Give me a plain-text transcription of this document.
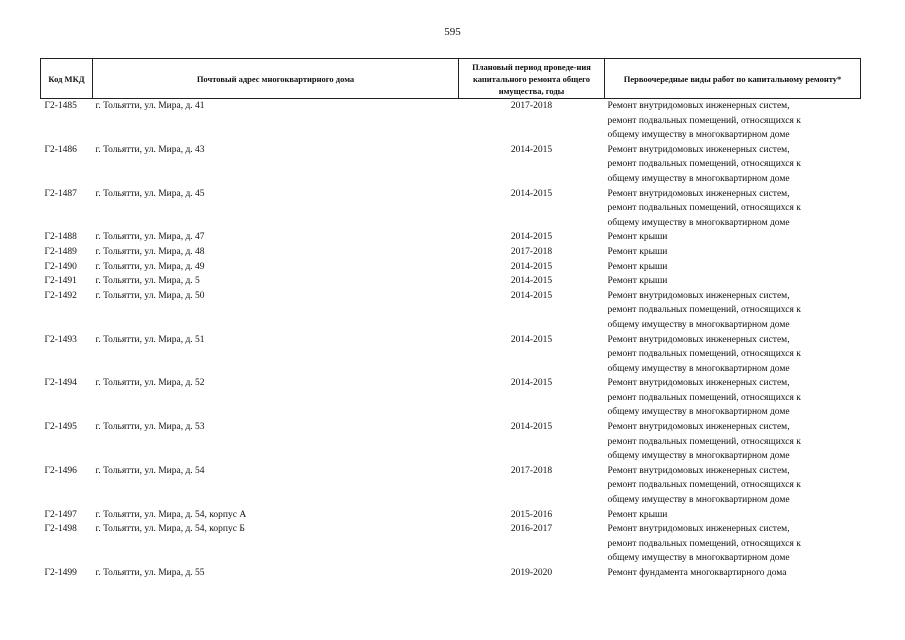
595
Код МКД	Почтовый адрес многоквартирного дома	Плановый период проведе-ния капитального ремонта общего имущества, годы	Первоочередные виды работ по капитальному ремонту*
Г2-1485	г. Тольятти, ул. Мира, д. 41	2017-2018	Ремонт внутридомовых инженерных систем,
ремонт подвальных помещений, относящихся к
общему имуществу в многоквартирном доме

Г2-1486	г. Тольятти, ул. Мира, д. 43	2014-2015	Ремонт внутридомовых инженерных систем,
ремонт подвальных помещений, относящихся к
общему имуществу в многоквартирном доме

Г2-1487	г. Тольятти, ул. Мира, д. 45	2014-2015	Ремонт внутридомовых инженерных систем,
ремонт подвальных помещений, относящихся к
общему имуществу в многоквартирном доме

Г2-1488	г. Тольятти, ул. Мира, д. 47	2014-2015	Ремонт крыши

Г2-1489	г. Тольятти, ул. Мира, д. 48	2017-2018	Ремонт крыши

Г2-1490	г. Тольятти, ул. Мира, д. 49	2014-2015	Ремонт крыши

Г2-1491	г. Тольятти, ул. Мира, д. 5	2014-2015	Ремонт крыши

Г2-1492	г. Тольятти, ул. Мира, д. 50	2014-2015	Ремонт внутридомовых инженерных систем,
ремонт подвальных помещений, относящихся к
общему имуществу в многоквартирном доме

Г2-1493	г. Тольятти, ул. Мира, д. 51	2014-2015	Ремонт внутридомовых инженерных систем,
ремонт подвальных помещений, относящихся к
общему имуществу в многоквартирном доме

Г2-1494	г. Тольятти, ул. Мира, д. 52	2014-2015	Ремонт внутридомовых инженерных систем,
ремонт подвальных помещений, относящихся к
общему имуществу в многоквартирном доме

Г2-1495	г. Тольятти, ул. Мира, д. 53	2014-2015	Ремонт внутридомовых инженерных систем,
ремонт подвальных помещений, относящихся к
общему имуществу в многоквартирном доме

Г2-1496	г. Тольятти, ул. Мира, д. 54	2017-2018	Ремонт внутридомовых инженерных систем,
ремонт подвальных помещений, относящихся к
общему имуществу в многоквартирном доме

Г2-1497	г. Тольятти, ул. Мира, д. 54, корпус А	2015-2016	Ремонт крыши

Г2-1498	г. Тольятти, ул. Мира, д. 54, корпус Б	2016-2017	Ремонт внутридомовых инженерных систем,
ремонт подвальных помещений, относящихся к
общему имуществу в многоквартирном доме

Г2-1499	г. Тольятти, ул. Мира, д. 55	2019-2020	Ремонт фундамента многоквартирного дома
